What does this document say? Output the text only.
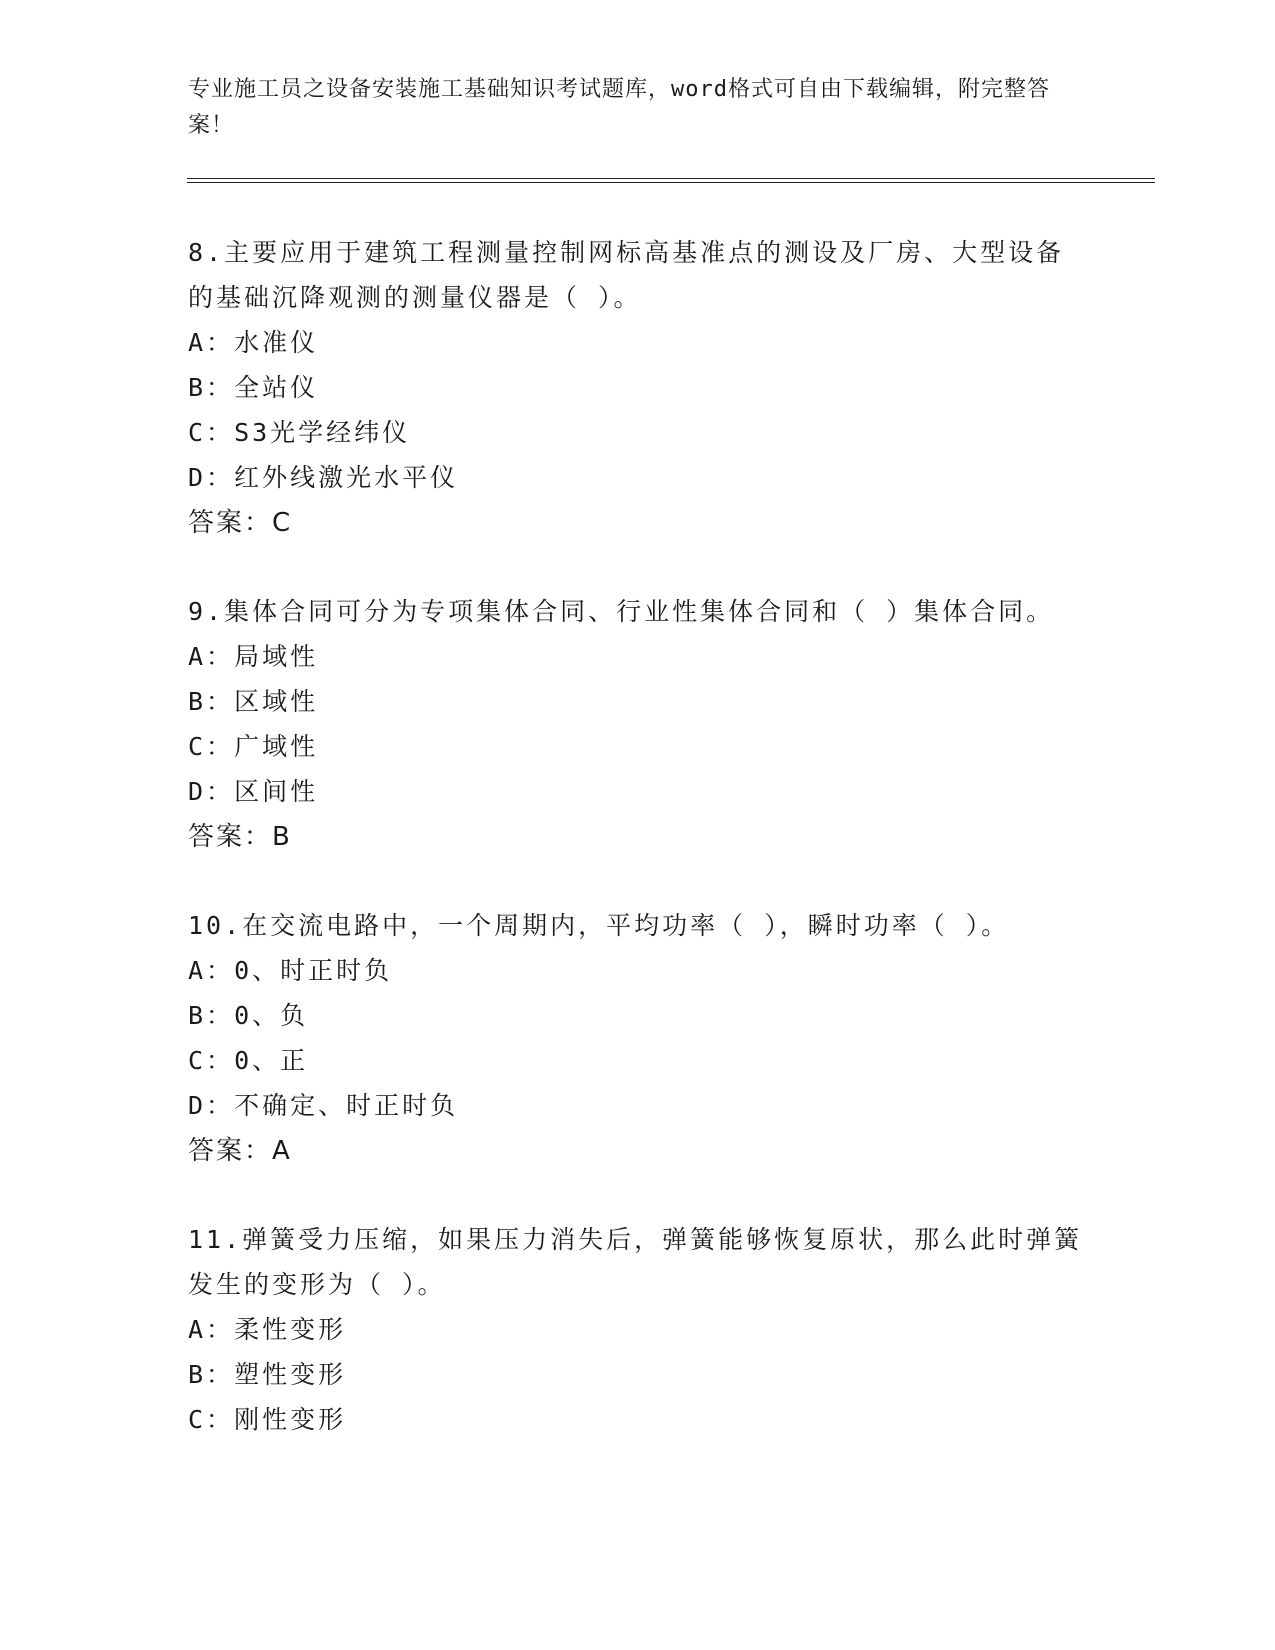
专业施工员之设备安装施工基础知识考试题库，word格式可自由下载编辑，附完整答案！
8.主要应用于建筑工程测量控制网标高基准点的测设及厂房、大型设备的基础沉降观测的测量仪器是（ ）。
A：水准仪
B：全站仪
C：S3光学经纬仪
D：红外线激光水平仪
答案：C
9.集体合同可分为专项集体合同、行业性集体合同和（ ）集体合同。
A：局域性
B：区域性
C：广域性
D：区间性
答案：B
10.在交流电路中，一个周期内，平均功率（ ），瞬时功率（ ）。
A：0、时正时负
B：0、负
C：0、正
D：不确定、时正时负
答案：A
11.弹簧受力压缩，如果压力消失后，弹簧能够恢复原状，那么此时弹簧发生的变形为（ ）。
A：柔性变形
B：塑性变形
C：刚性变形
